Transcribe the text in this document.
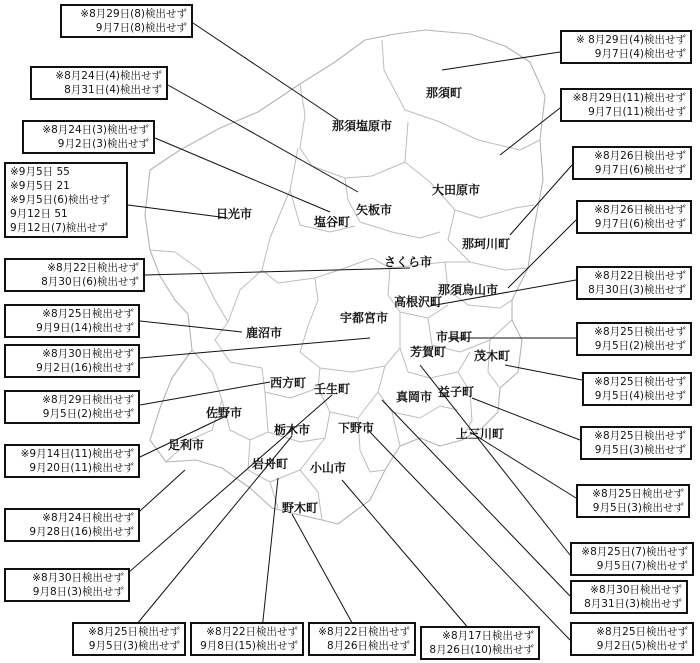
那須町
那須塩原市
大田原市
矢板市
日光市
塩谷町
那珂川町
さくら市
那須烏山市
高根沢町
宇都宮市
鹿沼市	市貝町
芳賀町 茂木町
西方町 壬生町
真岡市 益子町
佐野市
栃木市 下野市	上三川町
足利市
岩舟町 小山市
野木町
※8月29日(8)検出せず
9月7日(8)検出せず
※8月24日(4)検出せず
8月31日(4)検出せず
※8月24日(3)検出せず
9月2日(3)検出せず
※9月5日 55
※9月5日 21
※9月5日(6)検出せず
9月12日 51
9月12日(7)検出せず
※8月22日検出せず
8月30日(6)検出せず
※8月25日検出せず
9月9日(14)検出せず
※8月30日検出せず
9月2日(16)検出せず
※8月29日検出せず
9月5日(2)検出せず
※9月14日(11)検出せず
9月20日(11)検出せず
※8月24日検出せず
9月28日(16)検出せず
※8月30日検出せず
9月8日(3)検出せず
※8月25日検出せず
9月5日(3)検出せず
※8月22日検出せず
9月8日(15)検出せず
※8月22日検出せず
8月26日検出せず
※8月17日検出せず
8月26日(10)検出せず
※ 8月29日(4)検出せず
9月7日(4)検出せず
※8月29日(11)検出せず
9月7日(11)検出せず
※8月26日検出せず
9月7日(6)検出せず
※8月26日検出せず
9月7日(6)検出せず
※8月22日検出せず
8月30日(3)検出せず
※8月25日検出せず
9月5日(2)検出せず
※8月25日検出せず
9月5日(4)検出せず
※8月25日検出せず
9月5日(3)検出せず
※8月25日検出せず
9月5日(3)検出せず
※8月25日(7)検出せず
9月5日(7)検出せず
※8月30日検出せず
8月31日(3)検出せず
※8月25日検出せず
9月2日(5)検出せず
